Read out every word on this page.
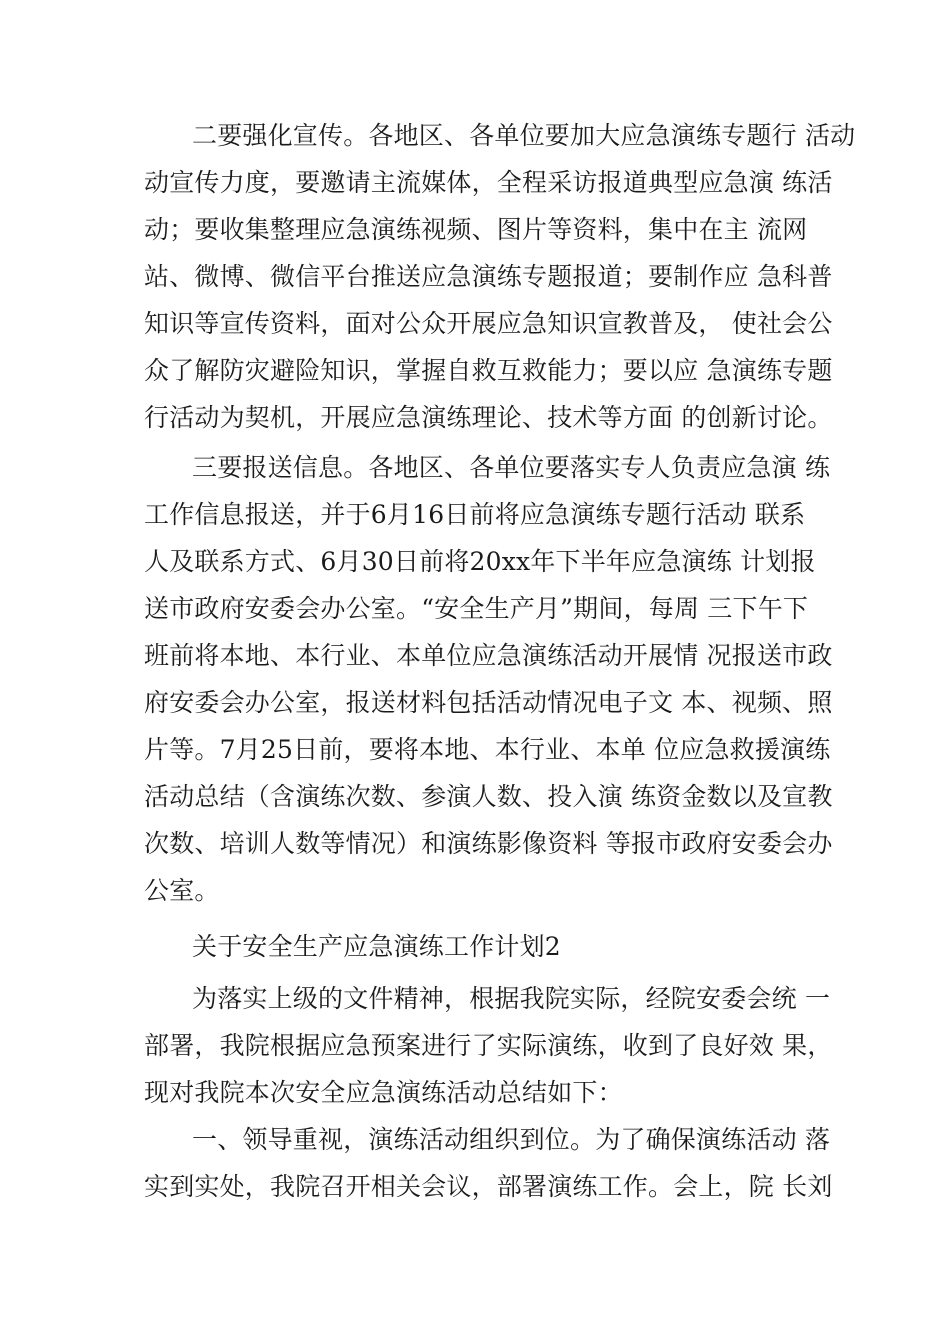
二要强化宣传。各地区、各单位要加大应急演练专题行 活动
动宣传力度，要邀请主流媒体，全程采访报道典型应急演 练活
动；要收集整理应急演练视频、图片等资料，集中在主 流网
站、微博、微信平台推送应急演练专题报道；要制作应 急科普
知识等宣传资料，面对公众开展应急知识宣教普及， 使社会公
众了解防灾避险知识，掌握自救互救能力；要以应 急演练专题
行活动为契机，开展应急演练理论、技术等方面 的创新讨论。
三要报送信息。各地区、各单位要落实专人负责应急演 练
工作信息报送，并于6月16日前将应急演练专题行活动 联系
人及联系方式、6月30日前将20xx年下半年应急演练 计划报
送市政府安委会办公室。“安全生产月”期间，每周 三下午下
班前将本地、本行业、本单位应急演练活动开展情 况报送市政
府安委会办公室，报送材料包括活动情况电子文 本、视频、照
片等。7月25日前，要将本地、本行业、本单 位应急救援演练
活动总结（含演练次数、参演人数、投入演 练资金数以及宣教
次数、培训人数等情况）和演练影像资料 等报市政府安委会办
公室。
关于安全生产应急演练工作计划2
为落实上级的文件精神，根据我院实际，经院安委会统 一
部署，我院根据应急预案进行了实际演练，收到了良好效 果，
现对我院本次安全应急演练活动总结如下：
一、领导重视，演练活动组织到位。为了确保演练活动 落
实到实处，我院召开相关会议，部署演练工作。会上，院 长刘
